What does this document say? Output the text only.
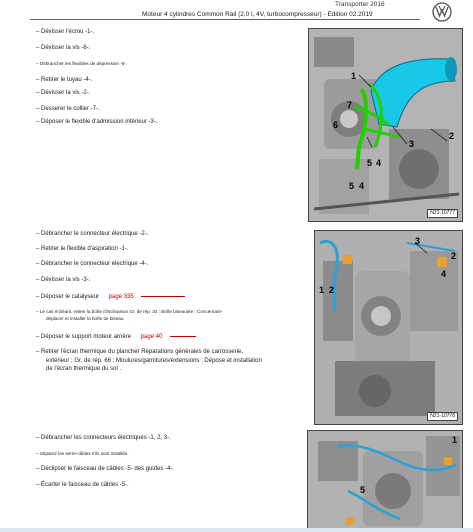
Transporter 2016
Moteur 4 cylindres Common Rail (2,0 l, 4V, turbocompresseur) - Edition 02.2019
– Dévisser l'écrou -1-.
– Dévisser la vis -6-.
– Débrancher les flexibles de dépression -5-.
– Retirer le tuyau -4-.
– Dévisser la vis -2-.
– Desserer le collier -7-.
– Déposer le flexible d'admission inférieur -3-.
1
7
6
2
3
5 4
5 4
N21-10777
– Débrancher le connecteur électrique -2-.
– Retirer le flexible d'aspiration -1-.
– Débrancher le connecteur électrique -4-.
– Dévisser la vis -3-.
– Déposer le catalyseur page 335
– Le cas échéant, retirer la boîte d'inclinaison Gr. de rép. 34 ; Boîte biseautée ; Concernant-
déplacer et installer la boîte de biseau.
– Déposer le support moteur arrière page 40
– Retirer l'écran thermique du plancher Réparations générales de carrosserie,
extérieur ; Gr. de rép. 66 ; Moulures/garnitures/extensions ; Dépose et installation
de l'écran thermique du sol .
3
2
1
2
4
N21-10778
– Débrancher les connecteurs électriques -1, 2, 3-.
– Séparez les serre-câbles s'ils sont installés.
– Déclipser le faisceau de câbles -5- des guides -4-.
– Écarter le faisceau de câbles -5-.
1
5
